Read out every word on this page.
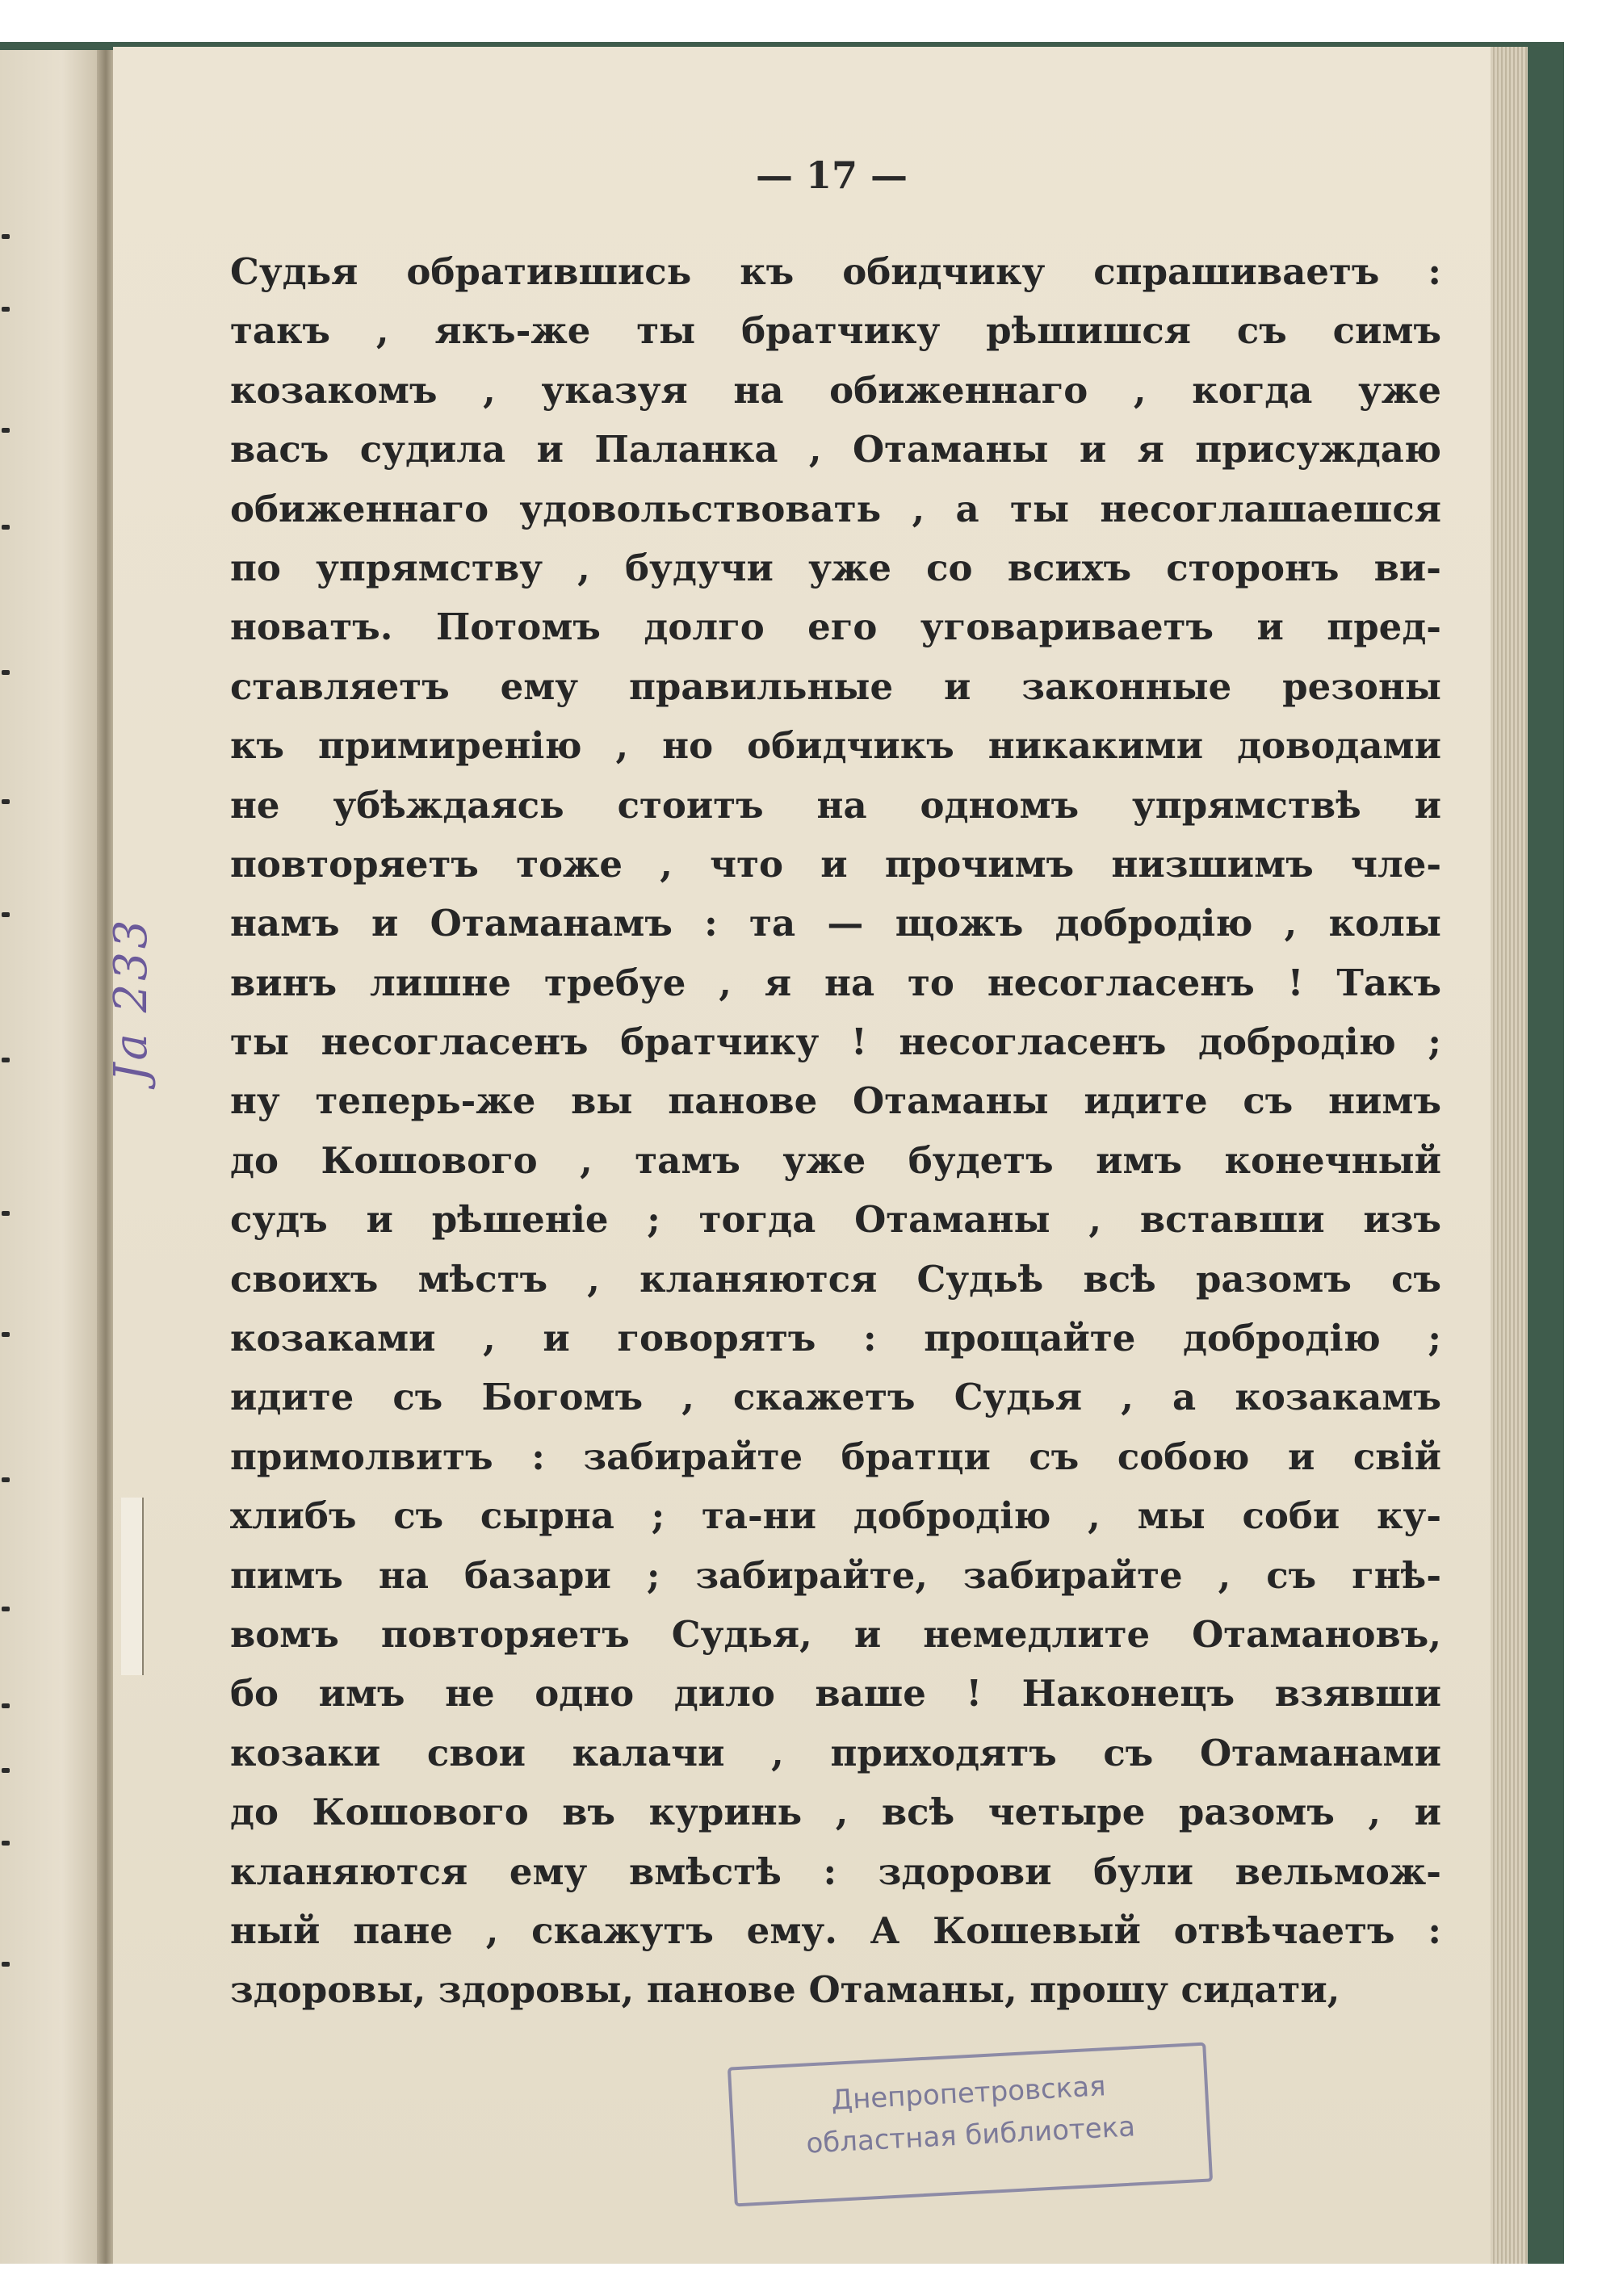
— 17 —
Судья обратившись къ обидчику спрашиваетъ :
такъ , якъ-же ты братчику рѣшишся съ симъ
козакомъ , указуя на обиженнаго , когда уже
васъ судила и Паланка , Отаманы и я присуждаю
обиженнаго удовольствовать , а ты несоглашаешся
по упрямству , будучи уже со всихъ сторонъ ви-
новатъ. Потомъ долго его уговариваетъ и пред-
ставляетъ ему правильные и законные резоны
къ примиренію , но обидчикъ никакими доводами
не убѣждаясь стоитъ на одномъ упрямствѣ и
повторяетъ тоже , что и прочимъ низшимъ чле-
намъ и Отаманамъ : та — щожъ добродію , колы
винъ лишне требуе , я на то несогласенъ ! Такъ
ты несогласенъ братчику ! несогласенъ добродію ;
ну теперь-же вы панове Отаманы идите съ нимъ
до Кошового , тамъ уже будетъ имъ конечный
судъ и рѣшеніе ; тогда Отаманы , вставши изъ
своихъ мѣстъ , кланяются Судьѣ всѣ разомъ съ
козаками , и говорятъ : прощайте добродію ;
идите съ Богомъ , скажетъ Судья , а козакамъ
примолвитъ : забирайте братци съ собою и свій
хлибъ съ сырна ; та-ни добродію , мы соби ку-
пимъ на базари ; забирайте, забирайте , съ гнѣ-
вомъ повторяетъ Судья, и немедлите Отамановъ,
бо имъ не одно дило ваше ! Наконецъ взявши
козаки свои калачи , приходятъ съ Отаманами
до Кошового въ куринь , всѣ четыре разомъ , и
кланяются ему вмѣстѣ : здорови були вельмож-
ный пане , скажутъ ему. А Кошевый отвѣчаетъ :
здоровы, здоровы, панове Отаманы, прошу сидати,
Ja 233
Днепропетровская
областная библиотека
